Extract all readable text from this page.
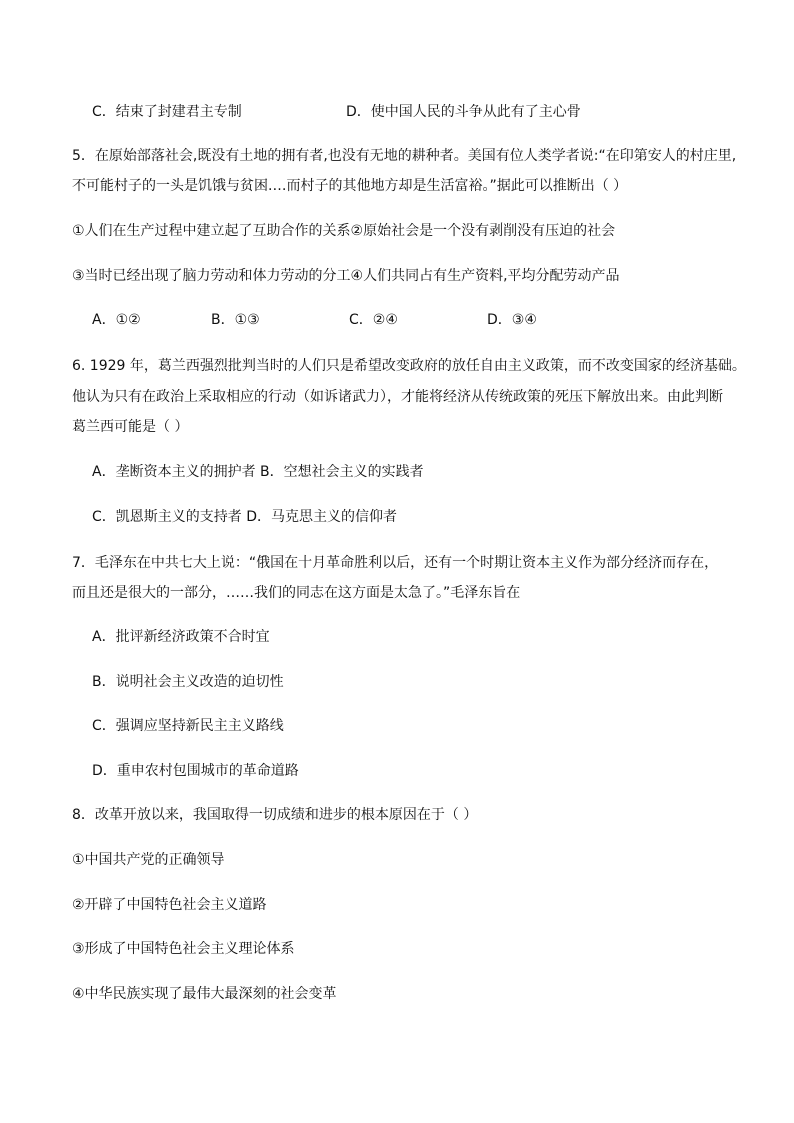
C．结束了封建君主专制	D．使中国人民的斗争从此有了主心骨
5．在原始部落社会,既没有土地的拥有者,也没有无地的耕种者。美国有位人类学者说:“在印第安人的村庄里,
不可能村子的一头是饥饿与贫困.…而村子的其他地方却是生活富裕。”据此可以推断出（ ）
①人们在生产过程中建立起了互助合作的关系②原始社会是一个没有剥削没有压迫的社会
③当时已经出现了脑力劳动和体力劳动的分工④人们共同占有生产资料,平均分配劳动产品
A．①②	B．①③	C．②④	D．③④
6. 1929 年，葛兰西强烈批判当时的人们只是希望改变政府的放任自由主义政策，而不改变国家的经济基础。
他认为只有在政治上采取相应的行动（如诉诸武力），才能将经济从传统政策的死压下解放出来。由此判断
葛兰西可能是（ ）
A．垄断资本主义的拥护者 B．空想社会主义的实践者
C．凯恩斯主义的支持者 D．马克思主义的信仰者
7．毛泽东在中共七大上说：“俄国在十月革命胜利以后，还有一个时期让资本主义作为部分经济而存在，
而且还是很大的一部分，……我们的同志在这方面是太急了。”毛泽东旨在
A．批评新经济政策不合时宜
B．说明社会主义改造的迫切性
C．强调应坚持新民主主义路线
D．重申农村包围城市的革命道路
8．改革开放以来，我国取得一切成绩和进步的根本原因在于（ ）
①中国共产党的正确领导
②开辟了中国特色社会主义道路
③形成了中国特色社会主义理论体系
④中华民族实现了最伟大最深刻的社会变革
